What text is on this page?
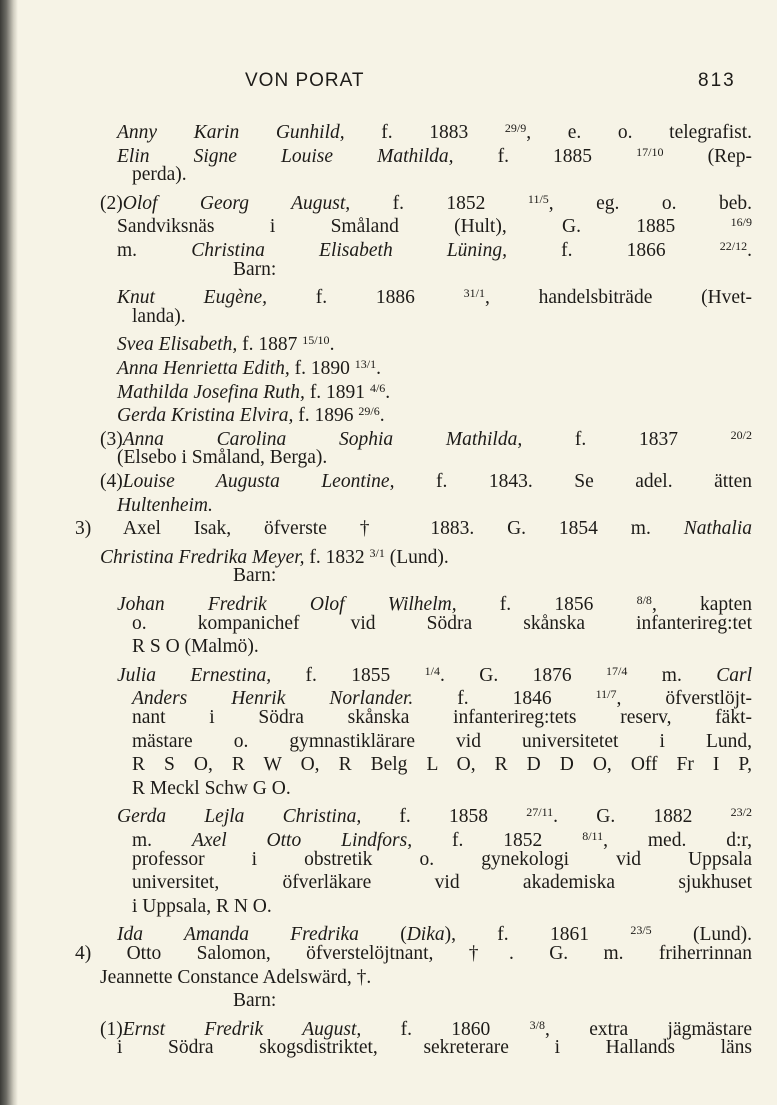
VON PORAT	813
Anny Karin Gunhild, f. 1883 $^{29/9}$, e. o. telegrafist.
Elin Signe Louise Mathilda, f. 1885 $^{17/10}$ (Rep-
perda).
(2)Olof Georg August, f. 1852 $^{11/5}$, eg. o. beb.
Sandviksnäs i Småland (Hult), G. 1885 $^{16/9}$
m. Christina Elisabeth Lüning, f. 1866 $^{22/12}$.
Barn:
Knut Eugène, f. 1886 $^{31/1}$, handelsbiträde (Hvet-
landa).
Svea Elisabeth, f. 1887 $^{15/10}$.
Anna Henrietta Edith, f. 1890 $^{13/1}$.
Mathilda Josefina Ruth, f. 1891 $^{4/6}$.
Gerda Kristina Elvira, f. 1896 $^{29/6}$.
(3)Anna Carolina Sophia Mathilda, f. 1837 $^{20/2}$
(Elsebo i Småland, Berga).
(4)Louise Augusta Leontine, f. 1843. Se adel. ätten
Hultenheim.
3) Axel Isak, öfverste † 1883. G. 1854 m. Nathalia
Christina Fredrika Meyer, f. 1832 $^{3/1}$ (Lund).
Barn:
Johan Fredrik Olof Wilhelm, f. 1856 $^{8/8}$, kapten
o. kompanichef vid Södra skånska infanterireg:tet
R S O (Malmö).
Julia Ernestina, f. 1855 $^{1/4}$. G. 1876 $^{17/4}$ m. Carl
Anders Henrik Norlander. f. 1846 $^{11/7}$, öfverstlöjt-
nant i Södra skånska infanterireg:tets reserv, fäkt-
mästare o. gymnastiklärare vid universitetet i Lund,
R S O, R W O, R Belg L O, R D D O, Off Fr I P,
R Meckl Schw G O.
Gerda Lejla Christina, f. 1858 $^{27/11}$. G. 1882 $^{23/2}$
m. Axel Otto Lindfors, f. 1852 $^{8/11}$, med. d:r,
professor i obstretik o. gynekologi vid Uppsala
universitet, öfverläkare vid akademiska sjukhuset
i Uppsala, R N O.
Ida Amanda Fredrika (Dika), f. 1861 $^{23/5}$ (Lund).
4) Otto Salomon, öfverstelöjtnant, †. G. m. friherrinnan
Jeannette Constance Adelswärd, †.
Barn:
(1)Ernst Fredrik August, f. 1860 $^{3/8}$, extra jägmästare
i Södra skogsdistriktet, sekreterare i Hallands läns
